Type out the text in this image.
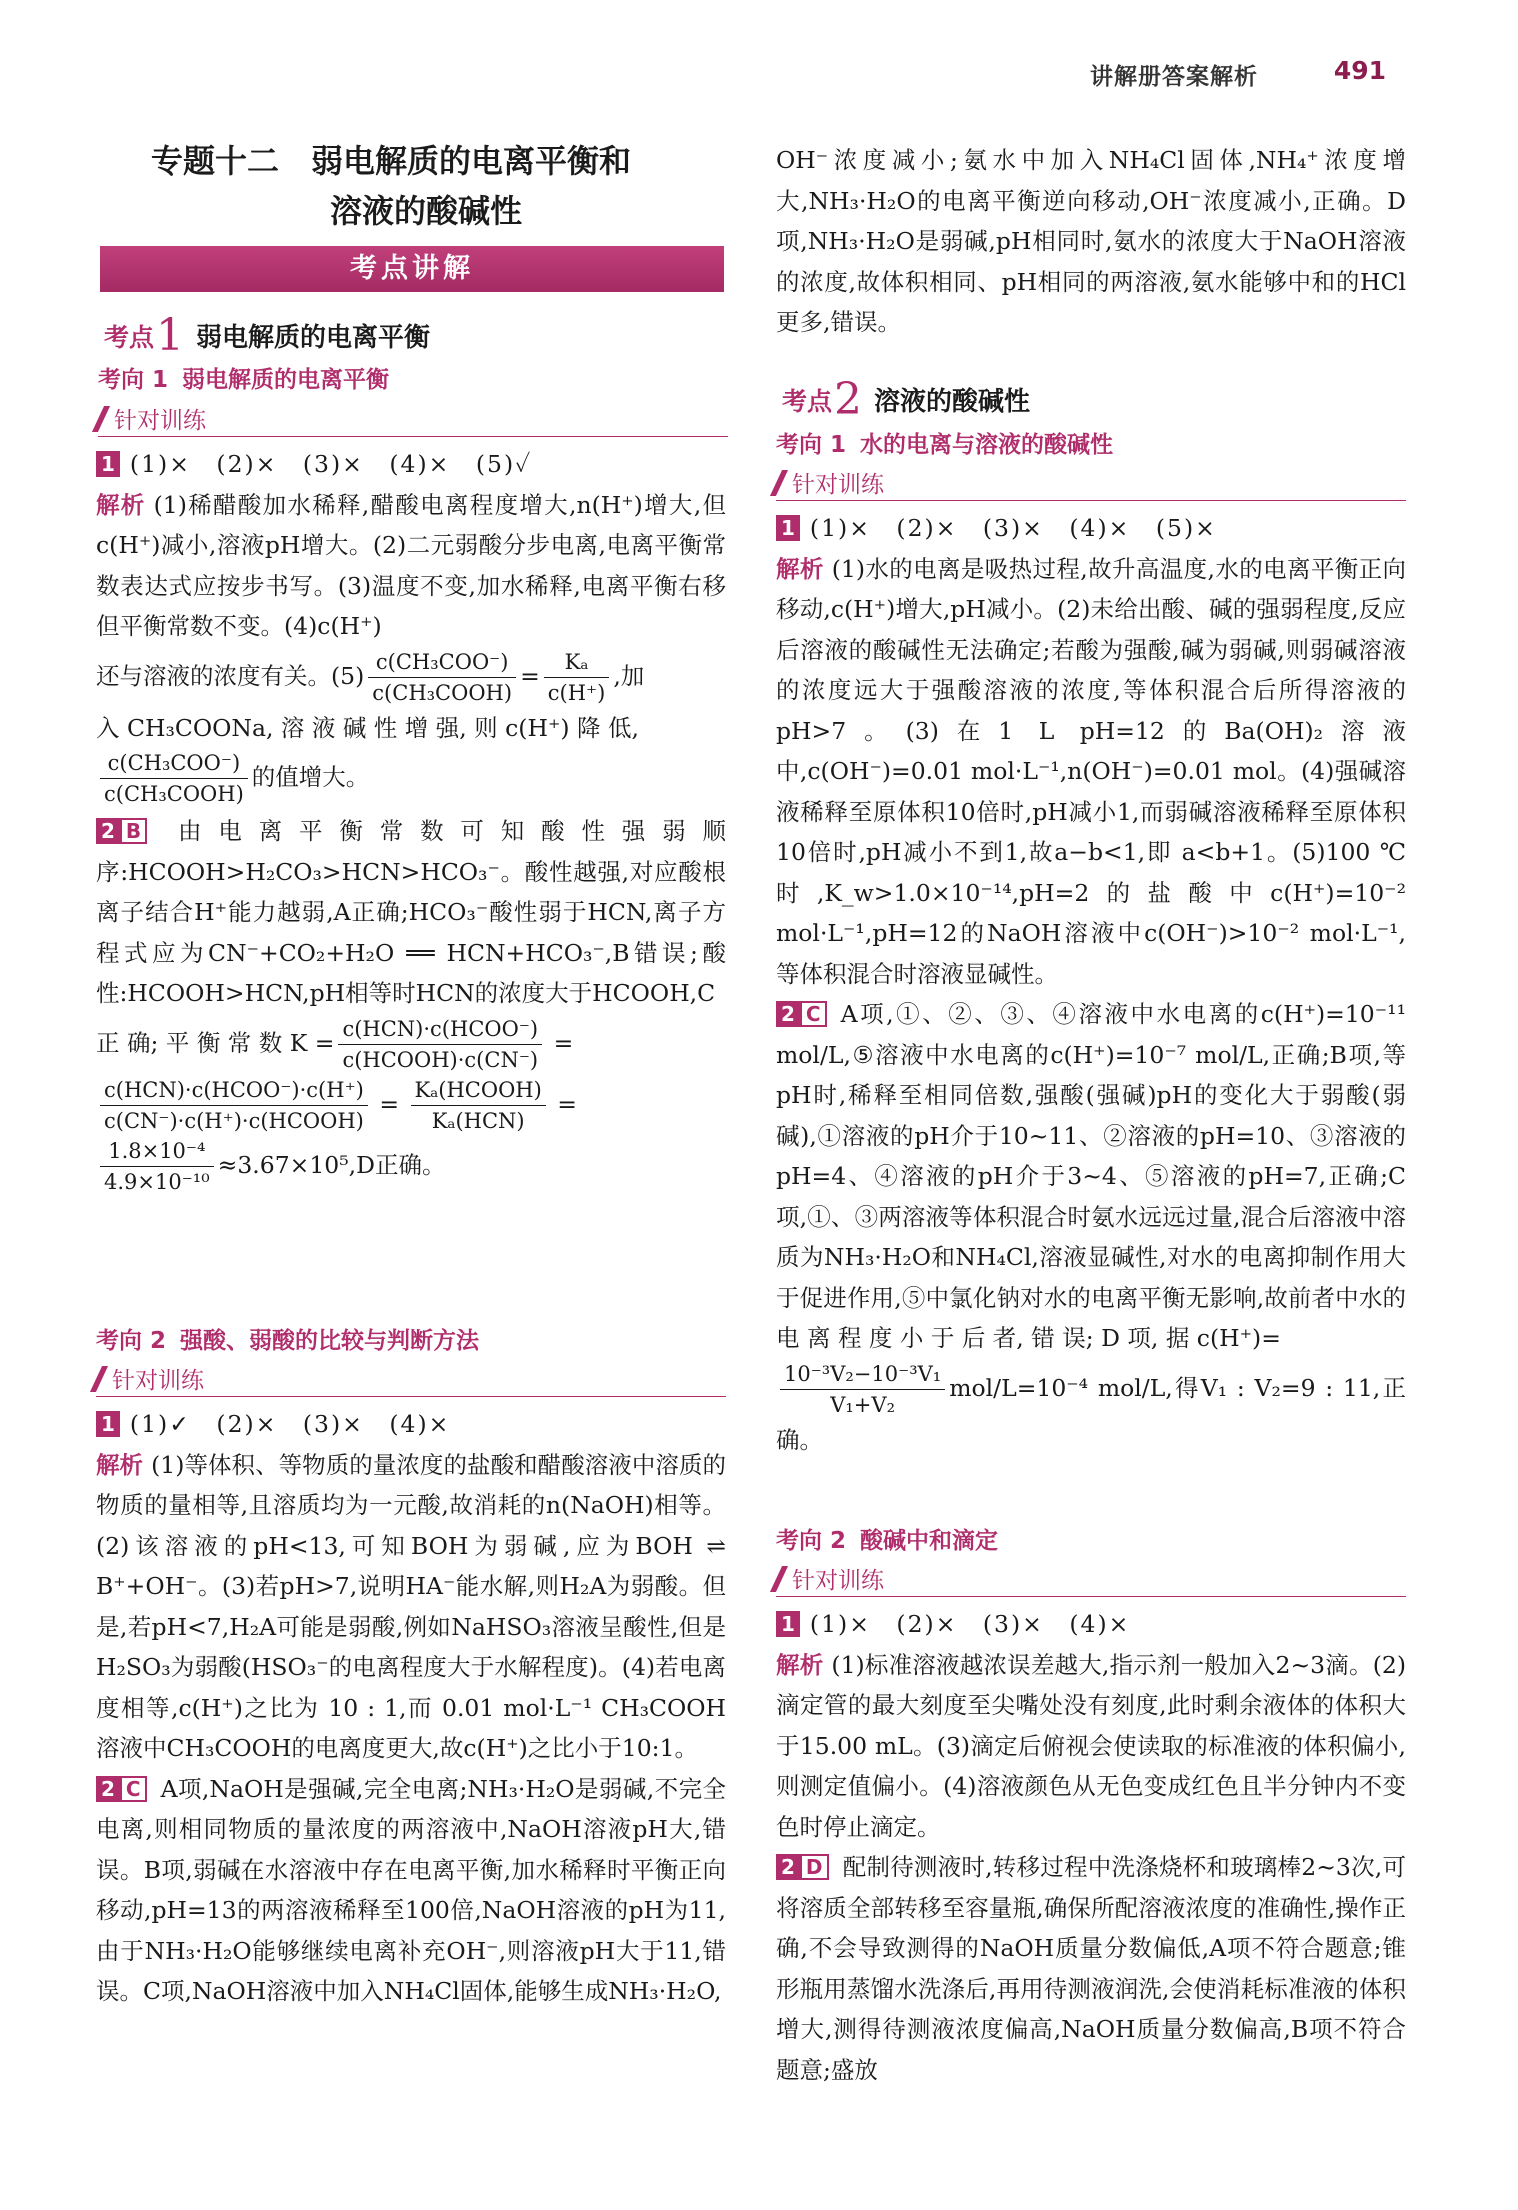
讲解册答案解析	491
专题十二　弱电解质的电离平衡和
溶液的酸碱性
考点讲解
考点1 弱电解质的电离平衡
考向 1 弱电解质的电离平衡
针对训练

1 (1)×　(2)×　(3)×　(4)×　(5)✓

解析 (1)稀醋酸加水稀释,醋酸电离程度增大,n(H⁺)增大,但c(H⁺)减小,溶液pH增大。(2)二元弱酸分步电离,电离平衡常数表达式应按步书写。(3)温度不变,加水稀释,电离平衡右移但平衡常数不变。(4)c(H⁺)

还与溶液的浓度有关。$(5) \frac{\text{c(CH₃COO⁻)}}{\text{c(CH₃COOH)}} = \frac{\text{Kₐ}}{c(H^+)}$ ,加

入 CH₃COONa, 溶 液 碱 性 增 强, 则 c(H⁺) 降 低,

$\frac{\text{c(CH₃COO⁻)}}{\text{c(CH₃COOH)}}$ 的值增大。

2 B 由电离平衡常数可知酸性强弱顺序:HCOOH>H₂CO₃>HCN>HCO₃⁻。酸性越强,对应酸根离子结合H⁺能力越弱,A正确;HCO₃⁻酸性弱于HCN,离子方程式应为CN⁻+CO₂+H₂O ══ HCN+HCO₃⁻,B错误;酸性:HCOOH>HCN,pH相等时HCN的浓度大于HCOOH,C

正 确; 平 衡 常 数 $K = \frac{\text{c(HCN)·c(HCOO⁻)}}{\text{c(HCOOH)·c(CN⁻)}}$ =

$\frac{\text{c(HCN)·c(HCOO⁻)·c(H⁺)}}{\text{c(CN⁻)·c(H⁺)·c(HCOOH)}} = \frac{\text{Kₐ(HCOOH)}}{\text{Kₐ(HCN)}}$ =

$\frac{\text{1.8×10⁻⁴}}{\text{4.9×10⁻¹⁰}} \approx 3.67\times 10^5,D$正确。

考向 2 强酸、弱酸的比较与判断方法
针对训练

1 (1)✓　(2)×　(3)×　(4)×

解析 (1)等体积、等物质的量浓度的盐酸和醋酸溶液中溶质的物质的量相等,且溶质均为一元酸,故消耗的n(NaOH)相等。(2)该溶液的pH<13,可知BOH为弱碱,应为BOH ⇌ B⁺+OH⁻。(3)若pH>7,说明HA⁻能水解,则H₂A为弱酸。但是,若pH<7,H₂A可能是弱酸,例如NaHSO₃溶液呈酸性,但是H₂SO₃为弱酸(HSO₃⁻的电离程度大于水解程度)。(4)若电离度相等,c(H⁺)之比为 10 : 1,而 0.01 mol·L⁻¹ CH₃COOH 溶液中CH₃COOH的电离度更大,故c(H⁺)之比小于10:1。

2 C A项,NaOH是强碱,完全电离;NH₃·H₂O是弱碱,不完全电离,则相同物质的量浓度的两溶液中,NaOH溶液pH大,错误。B项,弱碱在水溶液中存在电离平衡,加水稀释时平衡正向移动,pH=13的两溶液稀释至100倍,NaOH溶液的pH为11,由于NH₃·H₂O能够继续电离补充OH⁻,则溶液pH大于11,错误。C项,NaOH溶液中加入NH₄Cl固体,能够生成NH₃·H₂O,

OH⁻浓度减小;氨水中加入NH₄Cl固体,NH₄⁺浓度增大,NH₃·H₂O的电离平衡逆向移动,OH⁻浓度减小,正确。D项,NH₃·H₂O是弱碱,pH相同时,氨水的浓度大于NaOH溶液的浓度,故体积相同、pH相同的两溶液,氨水能够中和的HCl更多,错误。

考点2 溶液的酸碱性
考向 1 水的电离与溶液的酸碱性
针对训练

1 (1)×　(2)×　(3)×　(4)×　(5)×

解析 (1)水的电离是吸热过程,故升高温度,水的电离平衡正向移动,c(H⁺)增大,pH减小。(2)未给出酸、碱的强弱程度,反应后溶液的酸碱性无法确定;若酸为强酸,碱为弱碱,则弱碱溶液的浓度远大于强酸溶液的浓度,等体积混合后所得溶液的pH>7。(3)在1 L pH=12的Ba(OH)₂溶液中,c(OH⁻)=0.01 mol·L⁻¹,n(OH⁻)=0.01 mol。(4)强碱溶液稀释至原体积10倍时,pH减小1,而弱碱溶液稀释至原体积10倍时,pH减小不到1,故a−b<1,即 a<b+1。(5)100 ℃时,K_w>1.0×10⁻¹⁴,pH=2的盐酸中c(H⁺)=10⁻² mol·L⁻¹,pH=12的NaOH溶液中c(OH⁻)>10⁻² mol·L⁻¹,等体积混合时溶液显碱性。

2 C A项,①、②、③、④溶液中水电离的c(H⁺)=10⁻¹¹ mol/L,⑤溶液中水电离的c(H⁺)=10⁻⁷ mol/L,正确;B项,等pH时,稀释至相同倍数,强酸(强碱)pH的变化大于弱酸(弱碱),①溶液的pH介于10~11、②溶液的pH=10、③溶液的pH=4、④溶液的pH介于3~4、⑤溶液的pH=7,正确;C项,①、③两溶液等体积混合时氨水远远过量,混合后溶液中溶质为NH₃·H₂O和NH₄Cl,溶液显碱性,对水的电离抑制作用大于促进作用,⑤中氯化钠对水的电离平衡无影响,故前者中水的电 离 程 度 小 于 后 者, 错 误; D 项, 据 c(H⁺)=

$\frac{\text{10⁻³V₂−10⁻³V₁}}{\text{V₁+V₂}} mol/L=10^{-4}$ mol/L,得V₁ : V₂=9 : 11,正确。

考向 2 酸碱中和滴定
针对训练

1 (1)×　(2)×　(3)×　(4)×

解析 (1)标准溶液越浓误差越大,指示剂一般加入2~3滴。(2)滴定管的最大刻度至尖嘴处没有刻度,此时剩余液体的体积大于15.00 mL。(3)滴定后俯视会使读取的标准液的体积偏小,则测定值偏小。(4)溶液颜色从无色变成红色且半分钟内不变色时停止滴定。

2 D 配制待测液时,转移过程中洗涤烧杯和玻璃棒2~3次,可将溶质全部转移至容量瓶,确保所配溶液浓度的准确性,操作正确,不会导致测得的NaOH质量分数偏低,A项不符合题意;锥形瓶用蒸馏水洗涤后,再用待测液润洗,会使消耗标准液的体积增大,测得待测液浓度偏高,NaOH质量分数偏高,B项不符合题意;盛放
